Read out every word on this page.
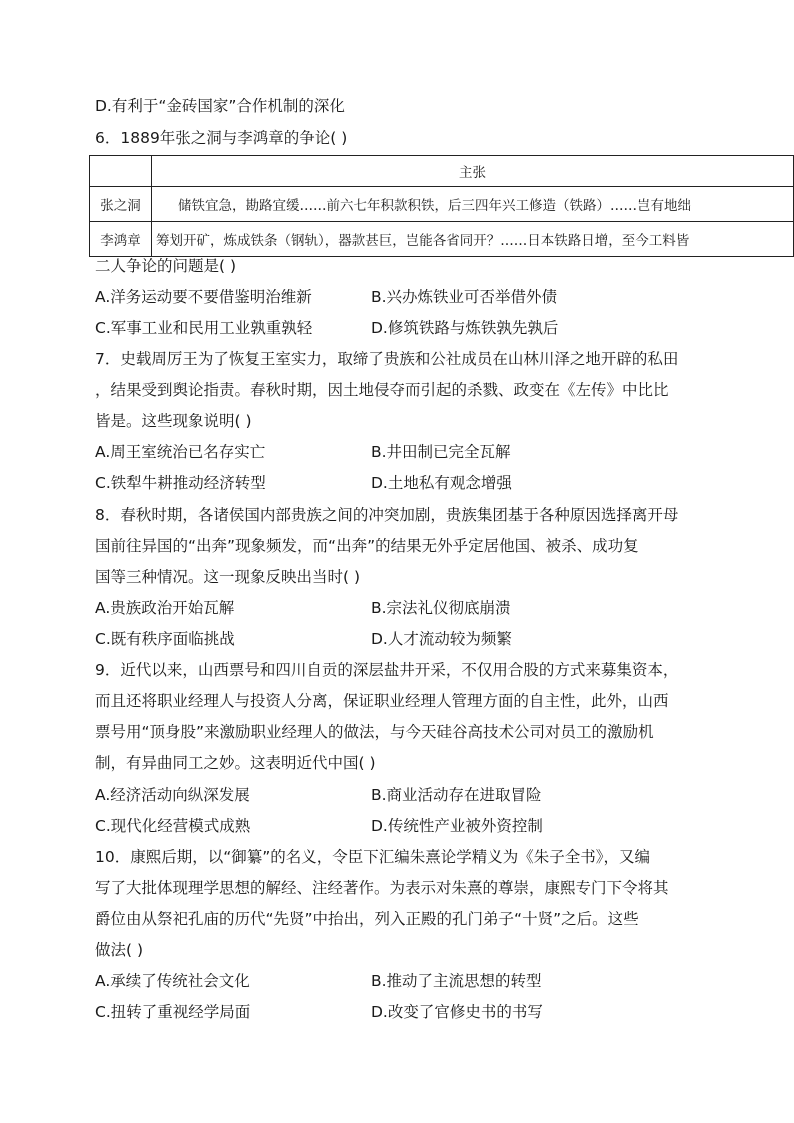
D.有利于“金砖国家”合作机制的深化
6．1889年张之洞与李鸿章的争论( )
	主张
张之洞	储铁宜急，勘路宜缓……前六七年积款积铁，后三四年兴工修造（铁路）……岂有地绌
李鸿章	筹划开矿，炼成铁条（钢轨），器款甚巨，岂能各省同开？……日本铁路日增，至今工料皆
二人争论的问题是( )
A.洋务运动要不要借鉴明治维新	B.兴办炼铁业可否举借外债
C.军事工业和民用工业孰重孰轻	D.修筑铁路与炼铁孰先孰后
7．史载周厉王为了恢复王室实力，取缔了贵族和公社成员在山林川泽之地开辟的私田
，结果受到舆论指责。春秋时期，因土地侵夺而引起的杀戮、政变在《左传》中比比
皆是。这些现象说明( )
A.周王室统治已名存实亡	B.井田制已完全瓦解
C.铁犁牛耕推动经济转型	D.土地私有观念增强
8．春秋时期，各诸侯国内部贵族之间的冲突加剧，贵族集团基于各种原因选择离开母
国前往异国的“出奔”现象频发，而“出奔”的结果无外乎定居他国、被杀、成功复
国等三种情况。这一现象反映出当时( )
A.贵族政治开始瓦解	B.宗法礼仪彻底崩溃
C.既有秩序面临挑战	D.人才流动较为频繁
9．近代以来，山西票号和四川自贡的深层盐井开采，不仅用合股的方式来募集资本，
而且还将职业经理人与投资人分离，保证职业经理人管理方面的自主性，此外，山西
票号用“顶身股”来激励职业经理人的做法，与今天硅谷高技术公司对员工的激励机
制，有异曲同工之妙。这表明近代中国( )
A.经济活动向纵深发展	B.商业活动存在进取冒险
C.现代化经营模式成熟	D.传统性产业被外资控制
10．康熙后期，以“御纂”的名义，令臣下汇编朱熹论学精义为《朱子全书》，又编
写了大批体现理学思想的解经、注经著作。为表示对朱熹的尊崇，康熙专门下令将其
爵位由从祭祀孔庙的历代“先贤”中抬出，列入正殿的孔门弟子“十贤”之后。这些
做法( )
A.承续了传统社会文化	B.推动了主流思想的转型
C.扭转了重视经学局面	D.改变了官修史书的书写
